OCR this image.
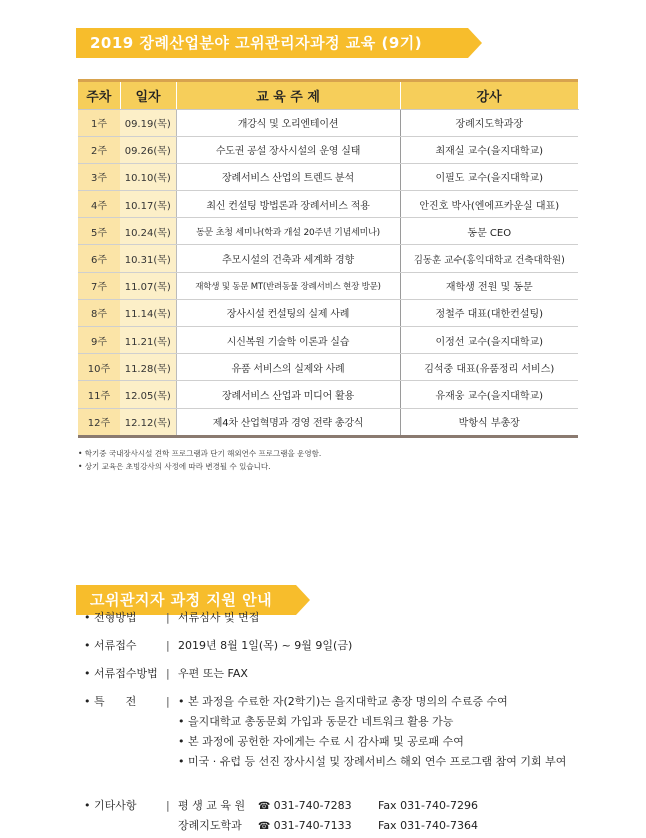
2019 장례산업분야 고위관리자과정 교육 (9기)
주차	일자	교 육 주 제	강사
1주	09.19(목)	개강식 및 오리엔테이션	장례지도학과장
2주	09.26(목)	수도권 공설 장사시설의 운영 실태	최재실 교수(을지대학교)
3주	10.10(목)	장례서비스 산업의 트렌드 분석	이필도 교수(을지대학교)
4주	10.17(목)	최신 컨설팅 방법론과 장례서비스 적용	안진호 박사(엔에프카운실 대표)
5주	10.24(목)	동문 초청 세미나(학과 개설 20주년 기념세미나)	동문 CEO
6주	10.31(목)	추모시설의 건축과 세계화 경향	김동훈 교수(홍익대학교 건축대학원)
7주	11.07(목)	재학생 및 동문 MT(반려동물 장례서비스 현장 방문)	재학생 전원 및 동문
8주	11.14(목)	장사시설 컨설팅의 실제 사례	정철주 대표(대한컨설팅)
9주	11.21(목)	시신복원 기술학 이론과 실습	이정선 교수(을지대학교)
10주	11.28(목)	유품 서비스의 실제와 사례	김석중 대표(유품정리 서비스)
11주	12.05(목)	장례서비스 산업과 미디어 활용	유재웅 교수(을지대학교)
12주	12.12(목)	제4차 산업혁명과 경영 전략 총강식	박항식 부총장
• 학기중 국내장사시설 견학 프로그램과 단기 해외연수 프로그램을 운영함.
• 상기 교육은 초빙강사의 사정에 따라 변경될 수 있습니다.
고위관지자 과정 지원 안내
• 전형방법	| 서류심사 및 면접
• 서류접수	| 2019년 8월 1일(목) ~ 9월 9일(금)
• 서류접수방법 | 우편 또는 FAX
• 특      전	| • 본 과정을 수료한 자(2학기)는 을지대학교 총장 명의의 수료증 수여
• 을지대학교 총동문회 가입과 동문간 네트워크 활용 가능
• 본 과정에 공헌한 자에게는 수료 시 감사패 및 공로패 수여
• 미국 · 유럽 등 선진 장사시설 및 장례서비스 해외 연수 프로그램 참여 기회 부여
• 기타사항	| 평 생 교 육 원	☎ 031-740-7283	Fax 031-740-7296
장례지도학과	☎ 031-740-7133	Fax 031-740-7364
